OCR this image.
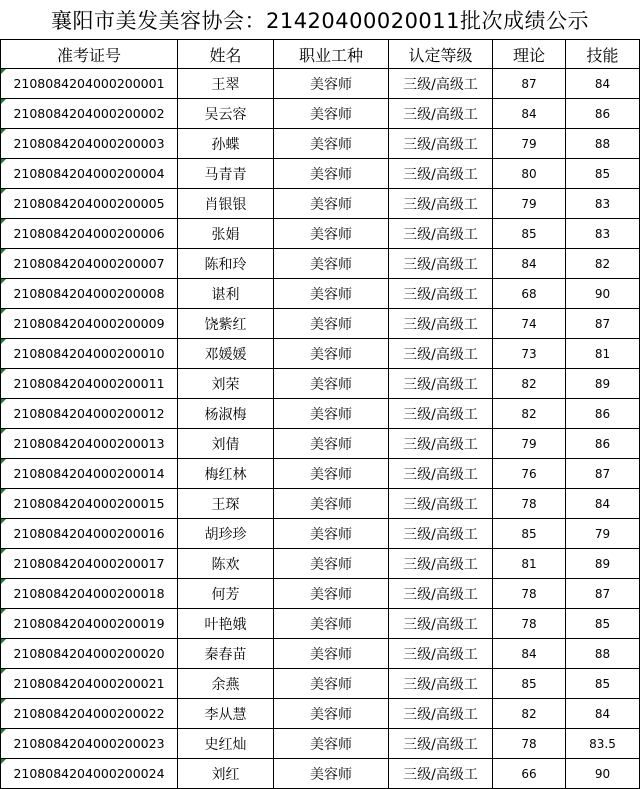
襄阳市美发美容协会：21420400020011批次成绩公示
准考证号	姓名	职业工种	认定等级	理论	技能
2108084204000200001	王翠	美容师	三级/高级工	87	84
2108084204000200002	吴云容	美容师	三级/高级工	84	86
2108084204000200003	孙蝶	美容师	三级/高级工	79	88
2108084204000200004	马青青	美容师	三级/高级工	80	85
2108084204000200005	肖银银	美容师	三级/高级工	79	83
2108084204000200006	张娟	美容师	三级/高级工	85	83
2108084204000200007	陈和玲	美容师	三级/高级工	84	82
2108084204000200008	谌利	美容师	三级/高级工	68	90
2108084204000200009	饶紫红	美容师	三级/高级工	74	87
2108084204000200010	邓媛媛	美容师	三级/高级工	73	81
2108084204000200011	刘荣	美容师	三级/高级工	82	89
2108084204000200012	杨淑梅	美容师	三级/高级工	82	86
2108084204000200013	刘倩	美容师	三级/高级工	79	86
2108084204000200014	梅红林	美容师	三级/高级工	76	87
2108084204000200015	王琛	美容师	三级/高级工	78	84
2108084204000200016	胡珍珍	美容师	三级/高级工	85	79
2108084204000200017	陈欢	美容师	三级/高级工	81	89
2108084204000200018	何芳	美容师	三级/高级工	78	87
2108084204000200019	叶艳娥	美容师	三级/高级工	78	85
2108084204000200020	秦春苗	美容师	三级/高级工	84	88
2108084204000200021	余燕	美容师	三级/高级工	85	85
2108084204000200022	李从慧	美容师	三级/高级工	82	84
2108084204000200023	史红灿	美容师	三级/高级工	78	83.5
2108084204000200024	刘红	美容师	三级/高级工	66	90
